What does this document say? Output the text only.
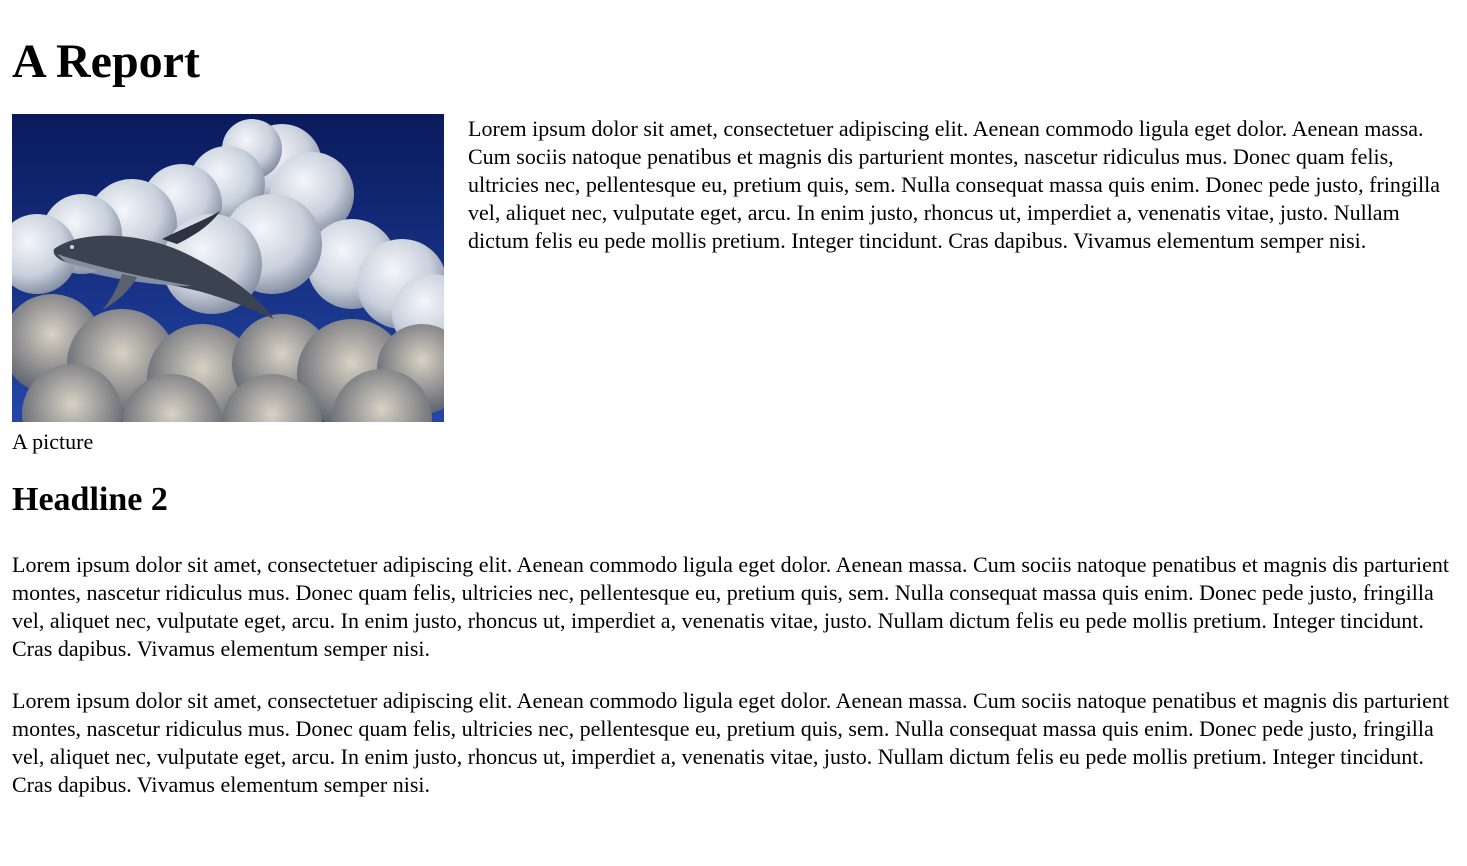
A Report
A picture

Lorem ipsum dolor sit amet, consectetuer adipiscing elit. Aenean commodo ligula eget dolor. Aenean massa. Cum sociis natoque penatibus et magnis dis parturient montes, nascetur ridiculus mus. Donec quam felis, ultricies nec, pellentesque eu, pretium quis, sem. Nulla consequat massa quis enim. Donec pede justo, fringilla vel, aliquet nec, vulputate eget, arcu. In enim justo, rhoncus ut, imperdiet a, venenatis vitae, justo. Nullam dictum felis eu pede mollis pretium. Integer tincidunt. Cras dapibus. Vivamus elementum semper nisi.

Headline 2

Lorem ipsum dolor sit amet, consectetuer adipiscing elit. Aenean commodo ligula eget dolor. Aenean massa. Cum sociis natoque penatibus et magnis dis parturient montes, nascetur ridiculus mus. Donec quam felis, ultricies nec, pellentesque eu, pretium quis, sem. Nulla consequat massa quis enim. Donec pede justo, fringilla vel, aliquet nec, vulputate eget, arcu. In enim justo, rhoncus ut, imperdiet a, venenatis vitae, justo. Nullam dictum felis eu pede mollis pretium. Integer tincidunt. Cras dapibus. Vivamus elementum semper nisi.

Lorem ipsum dolor sit amet, consectetuer adipiscing elit. Aenean commodo ligula eget dolor. Aenean massa. Cum sociis natoque penatibus et magnis dis parturient montes, nascetur ridiculus mus. Donec quam felis, ultricies nec, pellentesque eu, pretium quis, sem. Nulla consequat massa quis enim. Donec pede justo, fringilla vel, aliquet nec, vulputate eget, arcu. In enim justo, rhoncus ut, imperdiet a, venenatis vitae, justo. Nullam dictum felis eu pede mollis pretium. Integer tincidunt. Cras dapibus. Vivamus elementum semper nisi.
